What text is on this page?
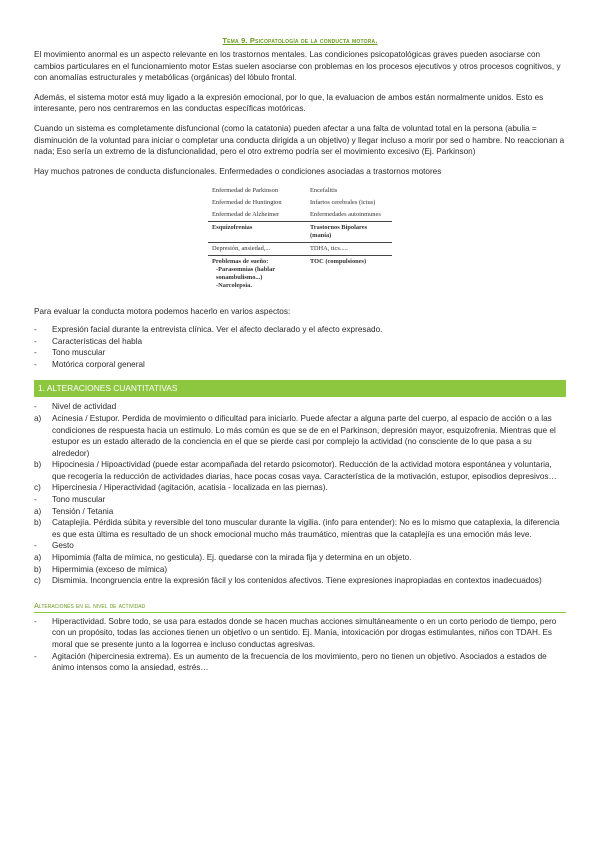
Tema 9. Psicopatología de la conducta motora.

El movimiento anormal es un aspecto relevante en los trastornos mentales. Las condiciones psicopatológicas graves pueden asociarse con cambios particulares en el funcionamiento motor Estas suelen asociarse con problemas en los procesos ejecutivos y otros procesos cognitivos, y con anomalías estructurales y metabólicas (orgánicas) del lóbulo frontal.

Además, el sistema motor está muy ligado a la expresión emocional, por lo que, la evaluacion de ambos están normalmente unidos. Esto es interesante, pero nos centraremos en las conductas específicas motóricas.

Cuando un sistema es completamente disfuncional (como la catatonia) pueden afectar a una falta de voluntad total en la persona (abulia = disminución de la voluntad para iniciar o completar una conducta dirigida a un objetivo) y llegar incluso a morir por sed o hambre. No reaccionan a nada; Eso sería un extremo de la disfuncionalidad, pero el otro extremo podría ser el movimiento excesivo (Ej. Parkinson)

Hay muchos patrones de conducta disfuncionales. Enfermedades o condiciones asociadas a trastornos motores

Enfermedad de Parkinson	Encefalitis
Enfermedad de Huntington	Infartos cerebrales (ictus)
Enfermedad de Alzheimer	Enfermedades autoinmunes
Esquizofrenias	Trastornos Bipolares (manía)
Depresión, ansiedad,...	TDHA, tics.....
Problemas de sueño:
-Parasomnias (hablar sonambulismo...)
-Narcolepsia.	TOC (compulsiones)

Para evaluar la conducta motora podemos hacerlo en varios aspectos:

- Expresión facial durante la entrevista clínica. Ver el afecto declarado y el afecto expresado.
- Características del habla
- Tono muscular
- Motórica corporal general
1. ALTERACIONES CUANTITATIVAS
- Nivel de actividad
a) Acinesia / Estupor. Perdida de movimiento o dificultad para iniciarlo. Puede afectar a alguna parte del cuerpo, al espacio de acción o a las condiciones de respuesta hacia un estimulo. Lo más común es que se de en el Parkinson, depresión mayor, esquizofrenia. Mientras que el estupor es un estado alterado de la conciencia en el que se pierde casi por complejo la actividad (no consciente de lo que pasa a su alrededor)
b) Hipocinesia / Hipoactividad (puede estar acompañada del retardo psicomotor). Reducción de la actividad motora espontánea y voluntaria, que recogería la reducción de actividades diarias, hace pocas cosas vaya. Característica de la motivación, estupor, episodios depresivos…
c) Hipercinesia / Hiperactividad (agitación, acatisia - localizada en las piernas).
- Tono muscular
a) Tensión / Tetania
b) Cataplejía. Pérdida súbita y reversible del tono muscular durante la vigilia. (info para entender): No es lo mismo que cataplexia, la diferencia es que esta última es resultado de un shock emocional mucho más traumático, mientras que la cataplejía es una emoción más leve.
- Gesto
a) Hipomimia (falta de mímica, no gesticula). Ej. quedarse con la mirada fija y determina en un objeto.
b) Hipermimia (exceso de mímica)
c) Dismimia. Incongruencia entre la expresión fácil y los contenidos afectivos. Tiene expresiones inapropiadas en contextos inadecuados)
Alteraciones en el nivel de actividad
- Hiperactividad. Sobre todo, se usa para estados donde se hacen muchas acciones simultáneamente o en un corto periodo de tiempo, pero con un propósito, todas las acciones tienen un objetivo o un sentido. Ej. Manía, intoxicación por drogas estimulantes, niños con TDAH. Es moral que se presente junto a la logorrea e incluso conductas agresivas.
- Agitación (hipercinesia extrema). Es un aumento de la frecuencia de los movimiento, pero no tienen un objetivo. Asociados a estados de ánimo intensos como la ansiedad, estrés…
